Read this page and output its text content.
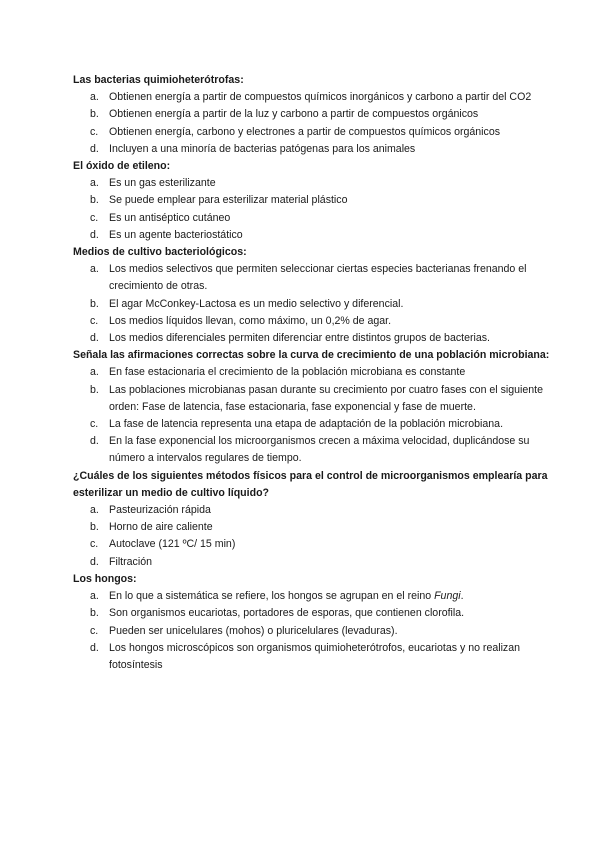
Las bacterias quimioheterótrofas:

a. Obtienen energía a partir de compuestos químicos inorgánicos y carbono a partir del CO2
b. Obtienen energía a partir de la luz y carbono a partir de compuestos orgánicos
c. Obtienen energía, carbono y electrones a partir de compuestos químicos orgánicos
d. Incluyen a una minoría de bacterias patógenas para los animales

El óxido de etileno:

a. Es un gas esterilizante
b. Se puede emplear para esterilizar material plástico
c. Es un antiséptico cutáneo
d. Es un agente bacteriostático

Medios de cultivo bacteriológicos:

a. Los medios selectivos que permiten seleccionar ciertas especies bacterianas frenando el crecimiento de otras.
b. El agar McConkey-Lactosa es un medio selectivo y diferencial.
c. Los medios líquidos llevan, como máximo, un 0,2% de agar.
d. Los medios diferenciales permiten diferenciar entre distintos grupos de bacterias.

Señala las afirmaciones correctas sobre la curva de crecimiento de una población microbiana:

a. En fase estacionaria el crecimiento de la población microbiana es constante
b. Las poblaciones microbianas pasan durante su crecimiento por cuatro fases con el siguiente orden: Fase de latencia, fase estacionaria, fase exponencial y fase de muerte.
c. La fase de latencia representa una etapa de adaptación de la población microbiana.
d. En la fase exponencial los microorganismos crecen a máxima velocidad, duplicándose su número a intervalos regulares de tiempo.

¿Cuáles de los siguientes métodos físicos para el control de microorganismos emplearía para esterilizar un medio de cultivo líquido?

a. Pasteurización rápida
b. Horno de aire caliente
c. Autoclave (121 ºC/ 15 min)
d. Filtración

Los hongos:

a. En lo que a sistemática se refiere, los hongos se agrupan en el reino Fungi.
b. Son organismos eucariotas, portadores de esporas, que contienen clorofila.
c. Pueden ser unicelulares (mohos) o pluricelulares (levaduras).
d. Los hongos microscópicos son organismos quimioheterótrofos, eucariotas y no realizan fotosíntesis
